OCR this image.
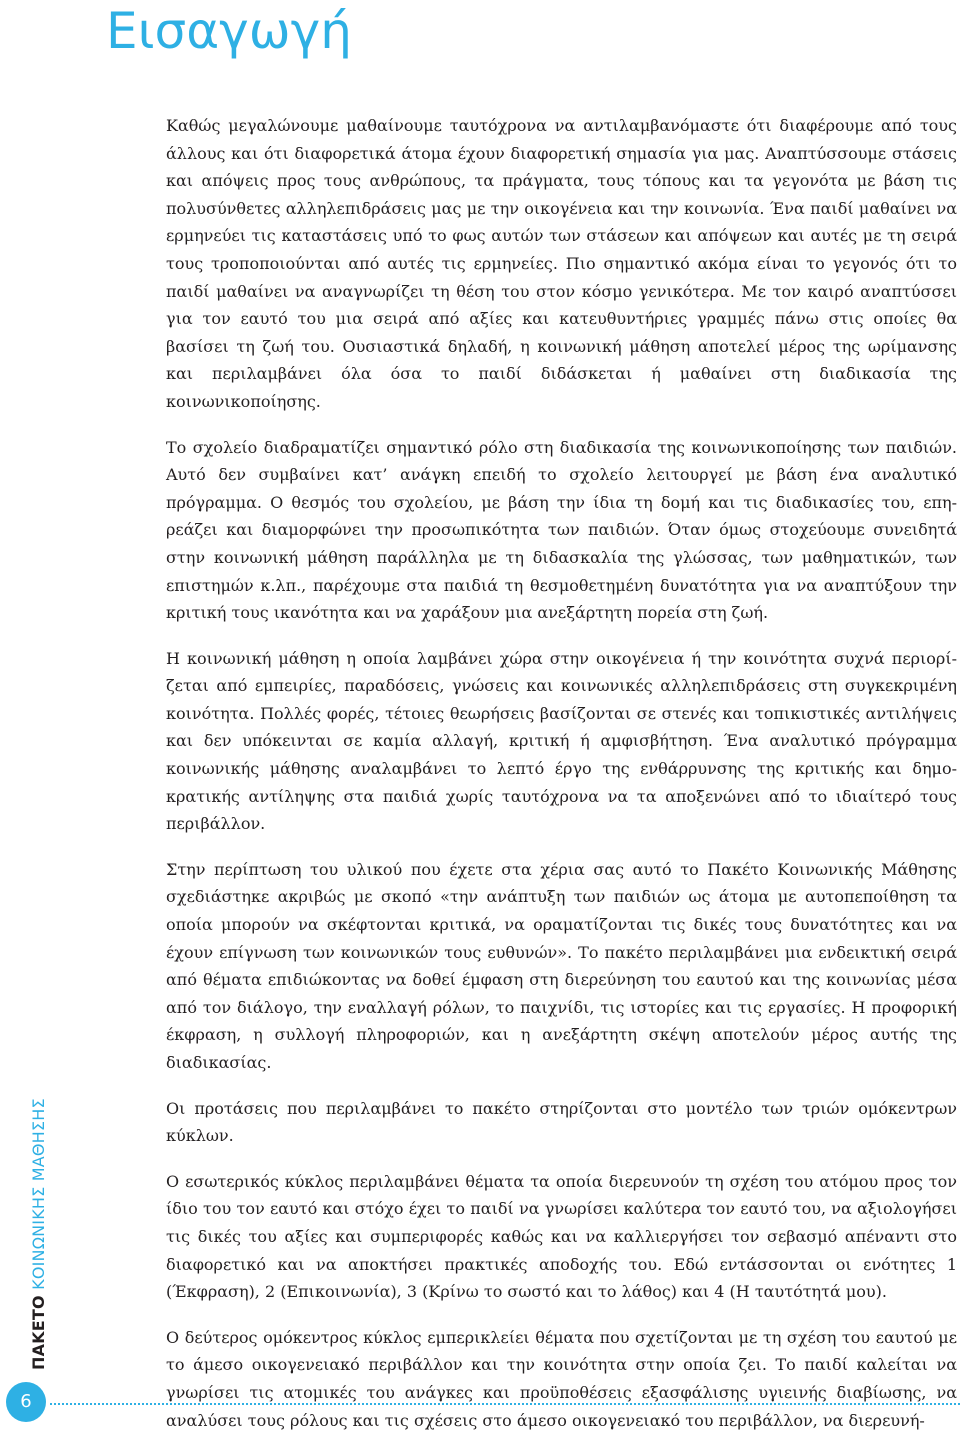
Εισαγωγή

Καθώς μεγαλώνουμε μαθαίνουμε ταυτόχρονα να αντιλαμβανόμαστε ότι διαφέρουμε από τους άλλους και ότι διαφορετικά άτομα έχουν διαφορετική σημασία για μας. Αναπτύσσουμε στάσεις και απόψεις προς τους ανθρώπους, τα πράγματα, τους τόπους και τα γεγονότα με βάση τις πολυσύνθετες αλληλεπιδράσεις μας με την οικογένεια και την κοινωνία. Ένα παιδί μαθαίνει να ερμηνεύει τις καταστάσεις υπό το φως αυτών των στάσεων και απόψεων και αυτές με τη σειρά τους τροποποιούνται από αυτές τις ερμηνείες. Πιο σημαντικό ακόμα είναι το γεγονός ότι το παιδί μαθαίνει να αναγνωρίζει τη θέση του στον κόσμο γενικότερα. Με τον καιρό αναπτύσσει για τον εαυτό του μια σειρά από αξίες και κατευθυντήριες γραμμές πάνω στις οποίες θα βασίσει τη ζωή του. Ουσιαστικά δηλαδή, η κοινωνική μάθηση αποτελεί μέρος της ωρίμανσης και περιλαμβάνει όλα όσα το παιδί διδάσκεται ή μαθαίνει στη διαδικασία της κοινωνικοποίησης.

Το σχολείο διαδραματίζει σημαντικό ρόλο στη διαδικασία της κοινωνικοποίησης των παιδιών. Αυτό δεν συμβαίνει κατ’ ανάγκη επειδή το σχολείο λειτουργεί με βάση ένα αναλυτικό πρόγραμμα. Ο θεσμός του σχολείου, με βάση την ίδια τη δομή και τις διαδικασίες του, επηρεάζει και διαμορφώνει την προσωπικότητα των παιδιών. Όταν όμως στοχεύουμε συνειδητά στην κοινωνική μάθηση παράλληλα με τη διδασκαλία της γλώσσας, των μαθηματικών, των επιστημών κ.λπ., παρέχουμε στα παιδιά τη θεσμοθετημένη δυνατότητα για να αναπτύξουν την κριτική τους ικανότητα και να χαράξουν μια ανεξάρτητη πορεία στη ζωή.

Η κοινωνική μάθηση η οποία λαμβάνει χώρα στην οικογένεια ή την κοινότητα συχνά περιορίζεται από εμπειρίες, παραδόσεις, γνώσεις και κοινωνικές αλληλεπιδράσεις στη συγκεκριμένη κοινότητα. Πολλές φορές, τέτοιες θεωρήσεις βασίζονται σε στενές και τοπικιστικές αντιλήψεις και δεν υπόκεινται σε καμία αλλαγή, κριτική ή αμφισβήτηση. Ένα αναλυτικό πρόγραμμα κοινωνικής μάθησης αναλαμβάνει το λεπτό έργο της ενθάρρυνσης της κριτικής και δημοκρατικής αντίληψης στα παιδιά χωρίς ταυτόχρονα να τα αποξενώνει από το ιδιαίτερό τους περιβάλλον.

Στην περίπτωση του υλικού που έχετε στα χέρια σας αυτό το Πακέτο Κοινωνικής Μάθησης σχεδιάστηκε ακριβώς με σκοπό «την ανάπτυξη των παιδιών ως άτομα με αυτοπεποίθηση τα οποία μπορούν να σκέφτονται κριτικά, να οραματίζονται τις δικές τους δυνατότητες και να έχουν επίγνωση των κοινωνικών τους ευθυνών». Το πακέτο περιλαμβάνει μια ενδεικτική σειρά από θέματα επιδιώκοντας να δοθεί έμφαση στη διερεύνηση του εαυτού και της κοινωνίας μέσα από τον διάλογο, την εναλλαγή ρόλων, το παιχνίδι, τις ιστορίες και τις εργασίες. Η προφορική έκφραση, η συλλογή πληροφοριών, και η ανεξάρτητη σκέψη αποτελούν μέρος αυτής της διαδικασίας.

Οι προτάσεις που περιλαμβάνει το πακέτο στηρίζονται στο μοντέλο των τριών ομόκεντρων κύκλων.

Ο εσωτερικός κύκλος περιλαμβάνει θέματα τα οποία διερευνούν τη σχέση του ατόμου προς τον ίδιο του τον εαυτό και στόχο έχει το παιδί να γνωρίσει καλύτερα τον εαυτό του, να αξιολογήσει τις δικές του αξίες και συμπεριφορές καθώς και να καλλιεργήσει τον σεβασμό απέναντι στο διαφορετικό και να αποκτήσει πρακτικές αποδοχής του. Εδώ εντάσσονται οι ενότητες 1 (Έκφραση), 2 (Επικοινωνία), 3 (Κρίνω το σωστό και το λάθος) και 4 (Η ταυτότητά μου).

Ο δεύτερος ομόκεντρος κύκλος εμπερικλείει θέματα που σχετίζονται με τη σχέση του εαυτού με το άμεσο οικογενειακό περιβάλλον και την κοινότητα στην οποία ζει. Το παιδί καλείται να γνωρίσει τις ατομικές του ανάγκες και προϋποθέσεις εξασφάλισης υγιεινής διαβίωσης, να αναλύσει τους ρόλους και τις σχέσεις στο άμεσο οικογενειακό του περιβάλλον, να διερευνή-

ΠΑΚΕΤΟ ΚΟΙΝΩΝΙΚΗΣ ΜΑΘΗΣΗΣ
6
